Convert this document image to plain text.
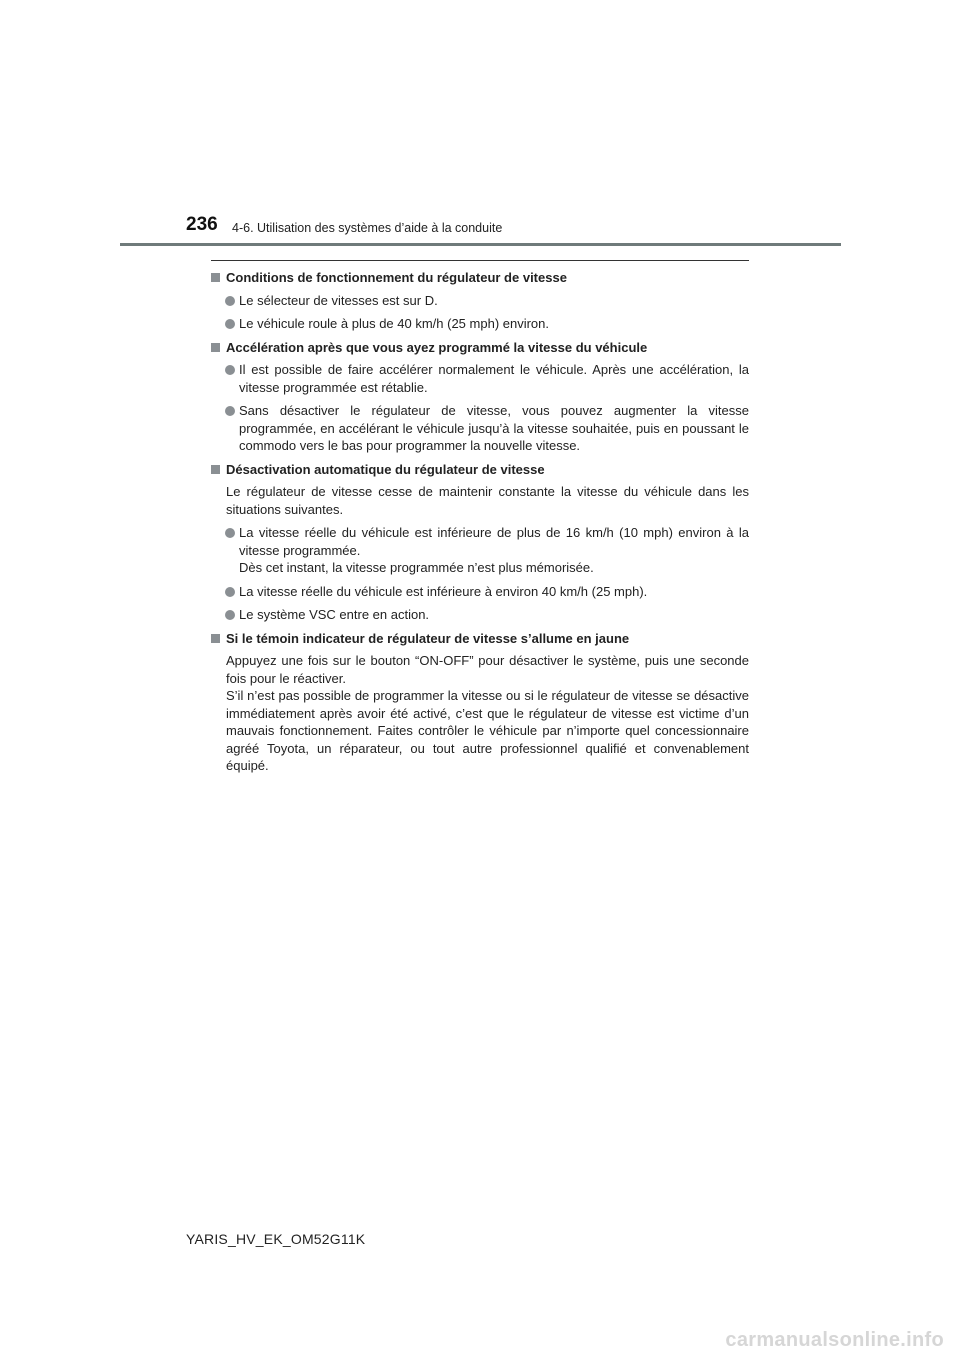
236 4-6. Utilisation des systèmes d’aide à la conduite
Conditions de fonctionnement du régulateur de vitesse
Le sélecteur de vitesses est sur D.
Le véhicule roule à plus de 40 km/h (25 mph) environ.
Accélération après que vous ayez programmé la vitesse du véhicule
Il est possible de faire accélérer normalement le véhicule. Après une accélération, la vitesse programmée est rétablie.
Sans désactiver le régulateur de vitesse, vous pouvez augmenter la vitesse programmée, en accélérant le véhicule jusqu’à la vitesse souhaitée, puis en poussant le commodo vers le bas pour programmer la nouvelle vitesse.
Désactivation automatique du régulateur de vitesse
Le régulateur de vitesse cesse de maintenir constante la vitesse du véhicule dans les situations suivantes.
La vitesse réelle du véhicule est inférieure de plus de 16 km/h (10 mph) environ à la vitesse programmée.
Dès cet instant, la vitesse programmée n’est plus mémorisée.
La vitesse réelle du véhicule est inférieure à environ 40 km/h (25 mph).
Le système VSC entre en action.
Si le témoin indicateur de régulateur de vitesse s’allume en jaune
Appuyez une fois sur le bouton “ON-OFF” pour désactiver le système, puis une seconde fois pour le réactiver.
S’il n’est pas possible de programmer la vitesse ou si le régulateur de vitesse se désactive immédiatement après avoir été activé, c’est que le régulateur de vitesse est victime d’un mauvais fonctionnement. Faites contrôler le véhicule par n’importe quel concessionnaire agréé Toyota, un réparateur, ou tout autre professionnel qualifié et convenablement équipé.
YARIS_HV_EK_OM52G11K
carmanualsonline.info
